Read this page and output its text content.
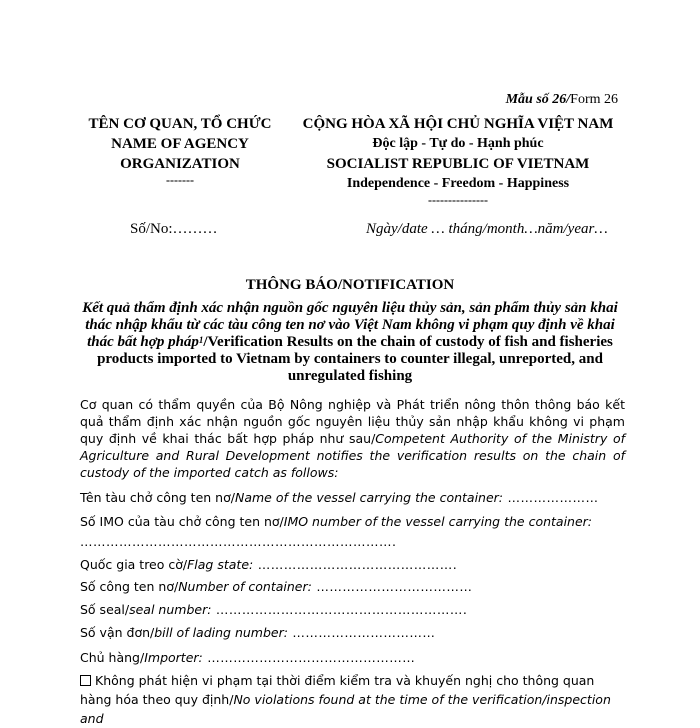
Mẫu số 26/Form 26
TÊN CƠ QUAN, TỔ CHỨC
NAME OF AGENCY
ORGANIZATION
-------
CỘNG HÒA XÃ HỘI CHỦ NGHĨA VIỆT NAM
Độc lập - Tự do - Hạnh phúc
SOCIALIST REPUBLIC OF VIETNAM
Independence - Freedom - Happiness
---------------
Số/No:………	Ngày/date … tháng/month…năm/year…
THÔNG BÁO/NOTIFICATION
Kết quả thẩm định xác nhận nguồn gốc nguyên liệu thủy sản, sản phẩm thủy sản khai thác nhập khẩu từ các tàu công ten nơ vào Việt Nam không vi phạm quy định về khai thác bất hợp pháp$^1$/Verification Results on the chain of custody of fish and fisheries products imported to Vietnam by containers to counter illegal, unreported, and unregulated fishing
Cơ quan có thẩm quyền của Bộ Nông nghiệp và Phát triển nông thôn thông báo kết quả thẩm định xác nhận nguồn gốc nguyên liệu thủy sản nhập khẩu không vi phạm quy định về khai thác bất hợp pháp như sau/Competent Authority of the Ministry of Agriculture and Rural Development notifies the verification results on the chain of custody of the imported catch as follows:
Tên tàu chở công ten nơ/Name of the vessel carrying the container: …………………
Số IMO của tàu chở công ten nơ/IMO number of the vessel carrying the container:
……………………………………………………………….
Quốc gia treo cờ/Flag state: ……………………………………….
Số công ten nơ/Number of container: ………………………………
Số seal/seal number: ………………………………………………….
Số vận đơn/bill of lading number: ……………………………
Chủ hàng/Importer: …………………………………………
Không phát hiện vi phạm tại thời điểm kiểm tra và khuyến nghị cho thông quan hàng hóa theo quy định/No violations found at the time of the verification/inspection and
